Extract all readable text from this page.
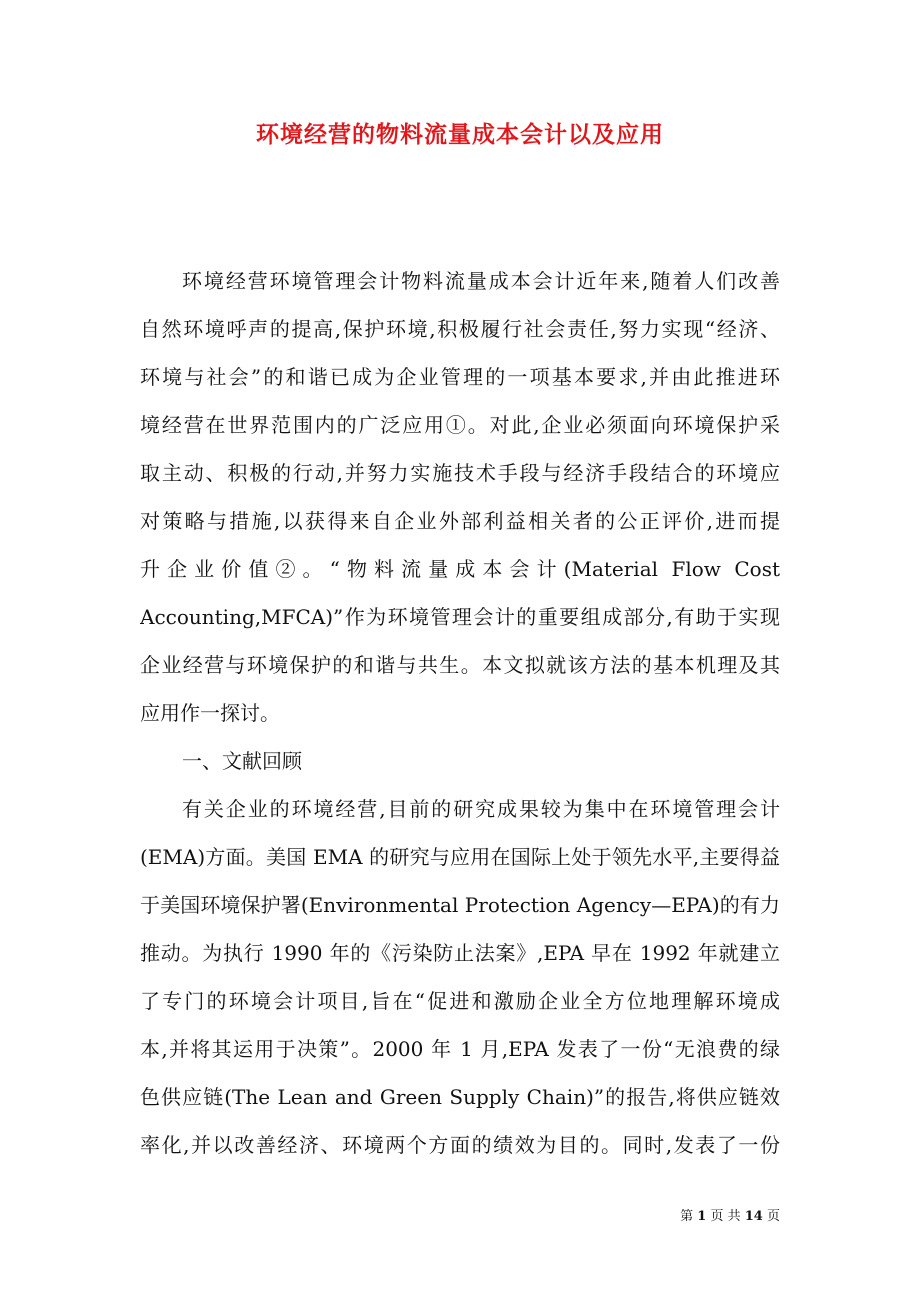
环境经营的物料流量成本会计以及应用
环境经营环境管理会计物料流量成本会计近年来,随着人们改善
自然环境呼声的提高,保护环境,积极履行社会责任,努力实现“经济、
环境与社会”的和谐已成为企业管理的一项基本要求,并由此推进环
境经营在世界范围内的广泛应用①。对此,企业必须面向环境保护采
取主动、积极的行动,并努力实施技术手段与经济手段结合的环境应
对策略与措施,以获得来自企业外部利益相关者的公正评价,进而提
升企业价值②。“物料流量成本会计(Material Flow Cost
Accounting,MFCA)”作为环境管理会计的重要组成部分,有助于实现
企业经营与环境保护的和谐与共生。本文拟就该方法的基本机理及其
应用作一探讨。
一、文献回顾
有关企业的环境经营,目前的研究成果较为集中在环境管理会计
(EMA)方面。美国 EMA 的研究与应用在国际上处于领先水平,主要得益
于美国环境保护署(Environmental Protection Agency—EPA)的有力
推动。为执行 1990 年的《污染防止法案》,EPA 早在 1992 年就建立
了专门的环境会计项目,旨在“促进和激励企业全方位地理解环境成
本,并将其运用于决策”。2000 年 1 月,EPA 发表了一份“无浪费的绿
色供应链(The Lean and Green Supply Chain)”的报告,将供应链效
率化,并以改善经济、环境两个方面的绩效为目的。同时,发表了一份
第 1 页 共 14 页
